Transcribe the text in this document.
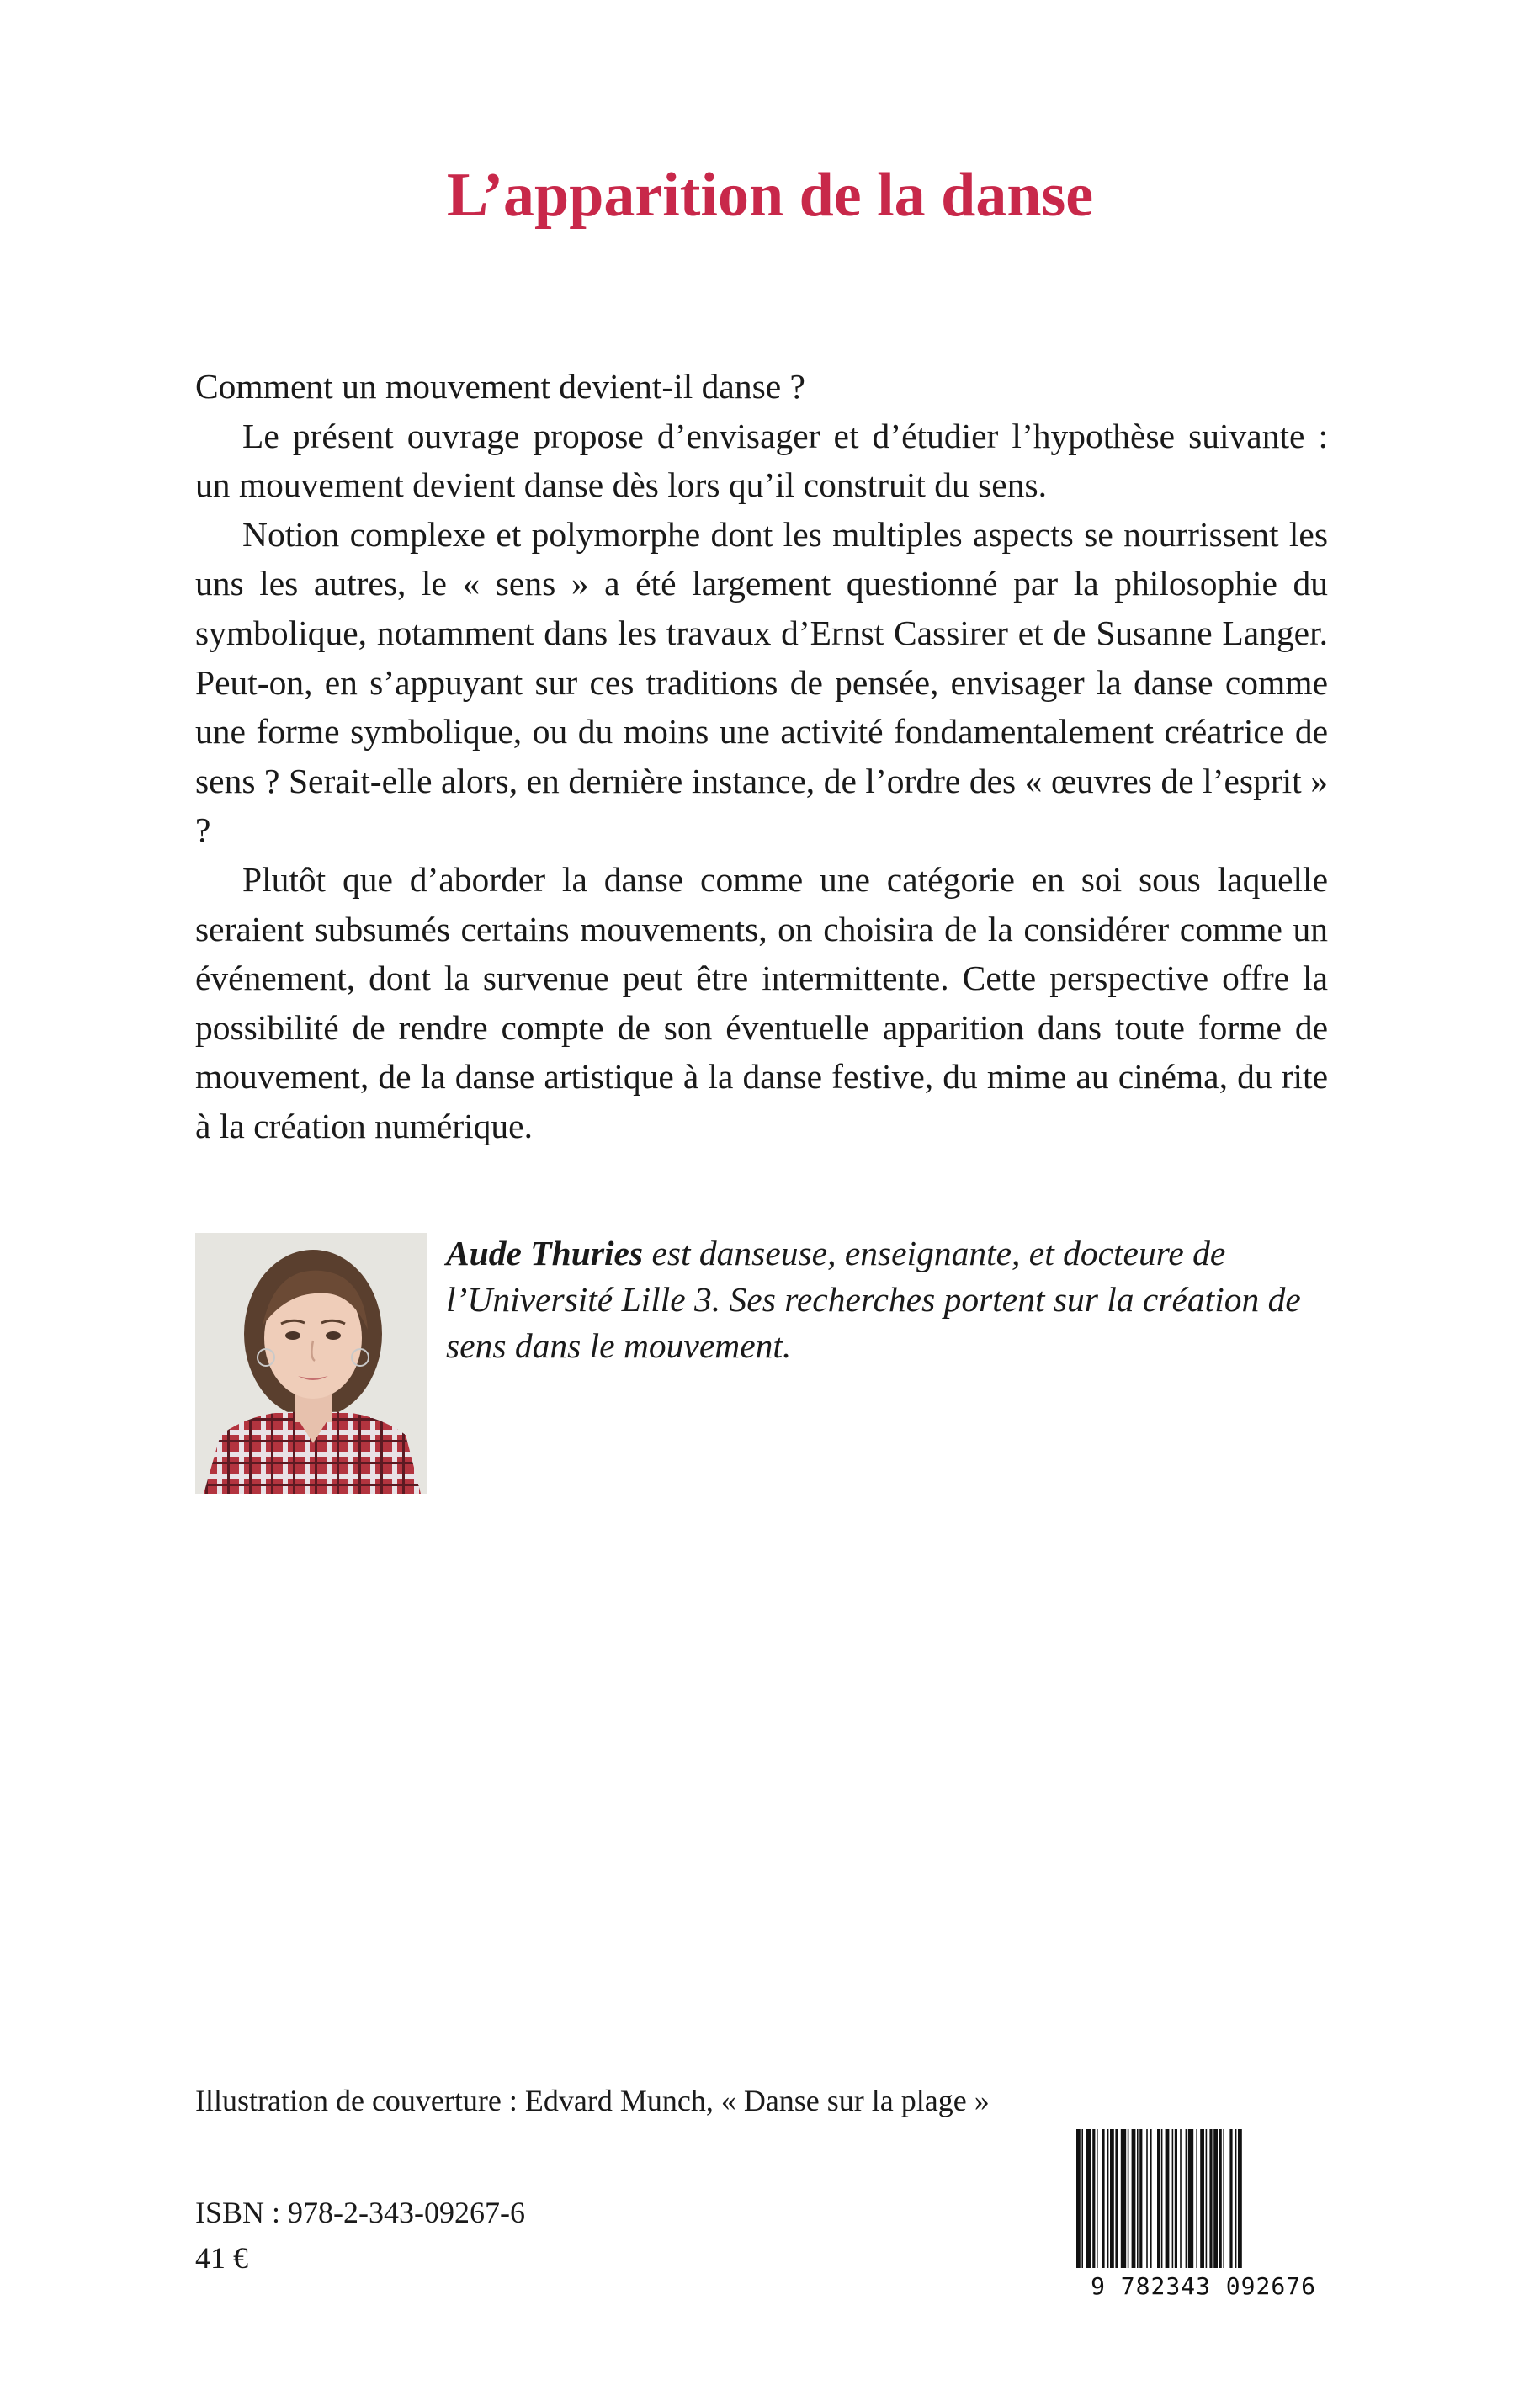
L’apparition de la danse

Comment un mouvement devient-il danse ?

Le présent ouvrage propose d’envisager et d’étudier l’hypothèse suivante : un mouvement devient danse dès lors qu’il construit du sens.

Notion complexe et polymorphe dont les multiples aspects se nourrissent les uns les autres, le « sens » a été largement questionné par la philosophie du symbolique, notamment dans les travaux d’Ernst Cassirer et de Susanne Langer. Peut-on, en s’appuyant sur ces traditions de pensée, envisager la danse comme une forme symbolique, ou du moins une activité fondamentalement créatrice de sens ? Serait-elle alors, en dernière instance, de l’ordre des « œuvres de l’esprit » ?

Plutôt que d’aborder la danse comme une catégorie en soi sous laquelle seraient subsumés certains mouvements, on choisira de la considérer comme un événement, dont la survenue peut être intermittente. Cette perspective offre la possibilité de rendre compte de son éventuelle apparition dans toute forme de mouvement, de la danse artistique à la danse festive, du mime au cinéma, du rite à la création numérique.

Aude Thuries est danseuse, enseignante, et docteure de l’Université Lille 3. Ses recherches portent sur la création de sens dans le mouvement.
Illustration de couverture : Edvard Munch, « Danse sur la plage »
ISBN : 978-2-343-09267-6
41 €
9 782343 092676
